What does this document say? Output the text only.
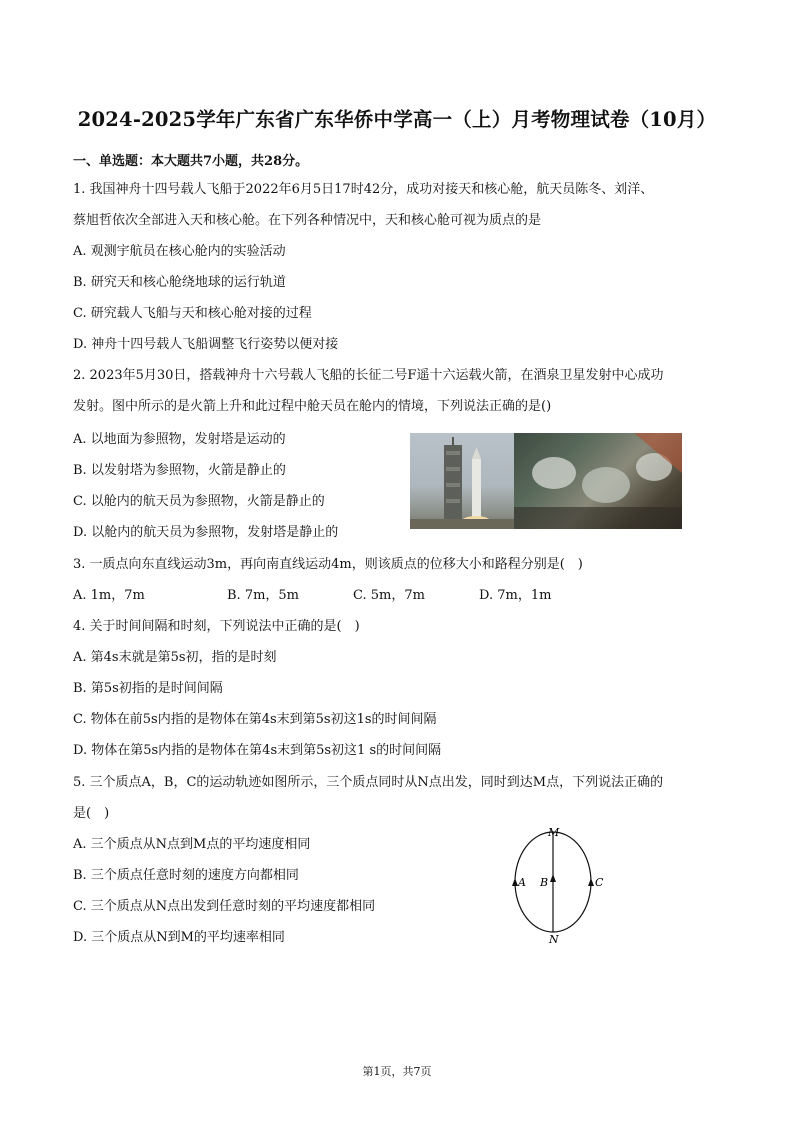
2024-2025学年广东省广东华侨中学高一（上）月考物理试卷（10月）
一、单选题：本大题共7小题，共28分。
1. 我国神舟十四号载人飞船于2022年6月5日17时42分，成功对接天和核心舱，航天员陈冬、刘洋、
蔡旭哲依次全部进入天和核心舱。在下列各种情况中，天和核心舱可视为质点的是
A. 观测宇航员在核心舱内的实验活动
B. 研究天和核心舱绕地球的运行轨道
C. 研究载人飞船与天和核心舱对接的过程
D. 神舟十四号载人飞船调整飞行姿势以便对接
2. 2023年5月30日，搭载神舟十六号载人飞船的长征二号F遥十六运载火箭，在酒泉卫星发射中心成功
发射。图中所示的是火箭上升和此过程中舱天员在舱内的情境，下列说法正确的是()
A. 以地面为参照物，发射塔是运动的
B. 以发射塔为参照物，火箭是静止的
C. 以舱内的航天员为参照物，火箭是静止的
D. 以舱内的航天员为参照物，发射塔是静止的
3. 一质点向东直线运动3m，再向南直线运动4m，则该质点的位移大小和路程分别是(　)
A. 1m，7m	B. 7m，5m	C. 5m，7m	D. 7m，1m
4. 关于时间间隔和时刻，下列说法中正确的是(　)
A. 第4s末就是第5s初，指的是时刻
B. 第5s初指的是时间间隔
C. 物体在前5s内指的是物体在第4s末到第5s初这1s的时间间隔
D. 物体在第5s内指的是物体在第4s末到第5s初这1 s的时间间隔
5. 三个质点A，B，C的运动轨迹如图所示，三个质点同时从N点出发，同时到达M点，下列说法正确的
是(　)
A. 三个质点从N点到M点的平均速度相同
B. 三个质点任意时刻的速度方向都相同
C. 三个质点从N点出发到任意时刻的平均速度都相同
D. 三个质点从N到M的平均速率相同
M
N
A B	C
第1页，共7页
